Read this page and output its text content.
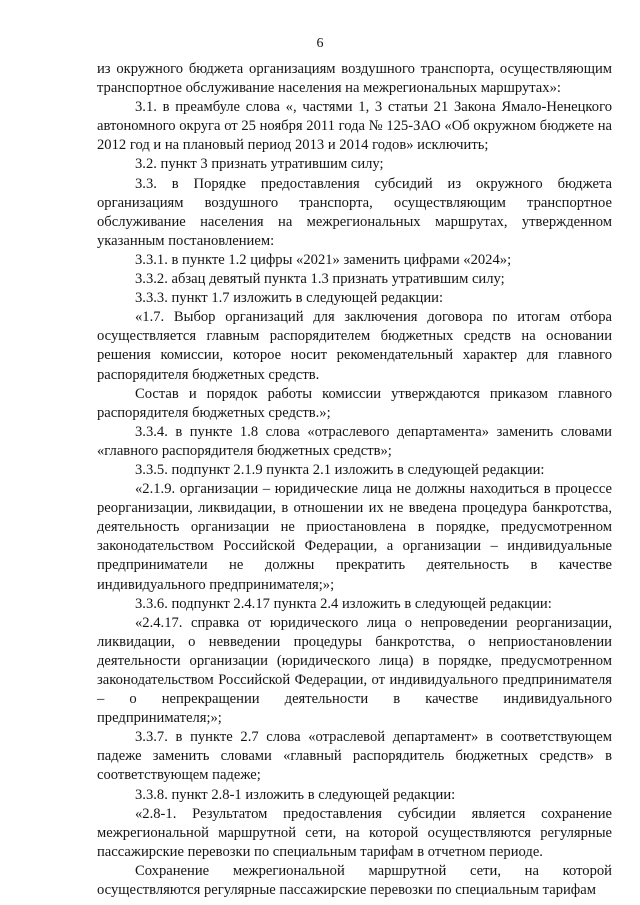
6

из окружного бюджета организациям воздушного транспорта, осуществляющим транспортное обслуживание населения на межрегиональных маршрутах»:

3.1. в преамбуле слова «, частями 1, 3 статьи 21 Закона Ямало-Ненецкого автономного округа от 25 ноября 2011 года № 125-ЗАО «Об окружном бюджете на 2012 год и на плановый период 2013 и 2014 годов» исключить;

3.2. пункт 3 признать утратившим силу;

3.3. в Порядке предоставления субсидий из окружного бюджета организациям воздушного транспорта, осуществляющим транспортное обслуживание населения на межрегиональных маршрутах, утвержденном указанным постановлением:

3.3.1. в пункте 1.2 цифры «2021» заменить цифрами «2024»;

3.3.2. абзац девятый пункта 1.3 признать утратившим силу;

3.3.3. пункт 1.7 изложить в следующей редакции:

«1.7. Выбор организаций для заключения договора по итогам отбора осуществляется главным распорядителем бюджетных средств на основании решения комиссии, которое носит рекомендательный характер для главного распорядителя бюджетных средств.

Состав и порядок работы комиссии утверждаются приказом главного распорядителя бюджетных средств.»;

3.3.4. в пункте 1.8 слова «отраслевого департамента» заменить словами «главного распорядителя бюджетных средств»;

3.3.5. подпункт 2.1.9 пункта 2.1 изложить в следующей редакции:

«2.1.9. организации – юридические лица не должны находиться в процессе реорганизации, ликвидации, в отношении их не введена процедура банкротства, деятельность организации не приостановлена в порядке, предусмотренном законодательством Российской Федерации, а организации – индивидуальные предприниматели не должны прекратить деятельность в качестве индивидуального предпринимателя;»;

3.3.6. подпункт 2.4.17 пункта 2.4 изложить в следующей редакции:

«2.4.17. справка от юридического лица о непроведении реорганизации, ликвидации, о невведении процедуры банкротства, о неприостановлении деятельности организации (юридического лица) в порядке, предусмотренном законодательством Российской Федерации, от индивидуального предпринимателя – о непрекращении деятельности в качестве индивидуального предпринимателя;»;

3.3.7. в пункте 2.7 слова «отраслевой департамент» в соответствующем падеже заменить словами «главный распорядитель бюджетных средств» в соответствующем падеже;

3.3.8. пункт 2.8-1 изложить в следующей редакции:

«2.8-1. Результатом предоставления субсидии является сохранение межрегиональной маршрутной сети, на которой осуществляются регулярные пассажирские перевозки по специальным тарифам в отчетном периоде.

Сохранение межрегиональной маршрутной сети, на которой осуществляются регулярные пассажирские перевозки по специальным тарифам
